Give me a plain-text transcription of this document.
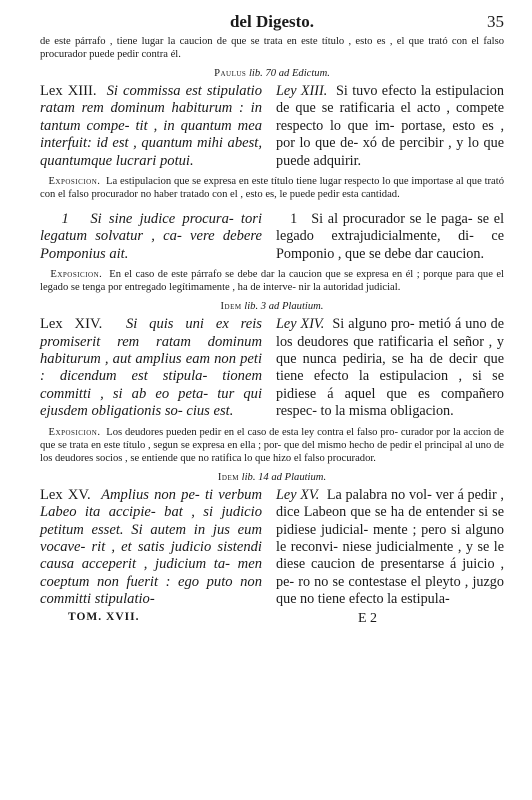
del Digesto.	35
de este párrafo , tiene lugar la caucion de que se trata en este título , esto es , el que trató con el falso procurador puede pedir contra él.
Paulus lib. 70 ad Edictum.
Lex XIII. Si commissa est stipulatio ratam rem dominum habiturum : in tantum compe- tit , in quantum mea interfuit: id est , quantum mihi abest, quantumque lucrari potui.
Ley XIII. Si tuvo efecto la estipulacion de que se ratificaria el acto , compete respecto lo que im- portase, esto es , por lo que de- xó de percibir , y lo que puede adquirir.
Exposicion. La estipulacion que se expresa en este título tiene lugar respecto lo que importase al que trató con el falso procurador no haber tratado con el , esto es, le puede pedir esta cantidad.
1 Si sine judice procura- tori legatum solvatur , ca- vere debere Pomponius ait.
1 Si al procurador se le paga- se el legado extrajudicialmente, di- ce Pomponio , que se debe dar caucion.
Exposicion. En el caso de este párrafo se debe dar la caucion que se expresa en él ; porque para que el legado se tenga por entregado legítimamente , ha de interve- nir la autoridad judicial.
Idem lib. 3 ad Plautium.
Lex XIV. Si quis uni ex reis promiserit rem ratam dominum habiturum , aut amplius eam non peti : dicendum est stipula- tionem committi , si ab eo peta- tur qui ejusdem obligationis so- cius est.
Ley XIV. Si alguno pro- metió á uno de los deudores que ratificaria el señor , y que nunca pediria, se ha de decir que tiene efecto la estipulacion , si se pidiese á aquel que es compañero respec- to la misma obligacion.
Exposicion. Los deudores pueden pedir en el caso de esta ley contra el falso pro- curador por la accion de que se trata en este título , segun se expresa en ella ; por- que del mismo hecho de pedir el principal al uno de los deudores socios , se entiende que no ratifica lo que hizo el falso procurador.
Idem lib. 14 ad Plautium.
Lex XV. Amplius non pe- ti verbum Labeo ita accipie- bat , si judicio petitum esset. Si autem in jus eum vocave- rit , et satis judicio sistendi causa acceperit , judicium ta- men coeptum non fuerit : ego puto non committi stipulatio-
Ley XV. La palabra no vol- ver á pedir , dice Labeon que se ha de entender si se pidiese judicial- mente ; pero si alguno le reconvi- niese judicialmente , y se le diese caucion de presentarse á juicio , pe- ro no se contestase el pleyto , juzgo que no tiene efecto la estipula-
TOM. XVII.	E 2
